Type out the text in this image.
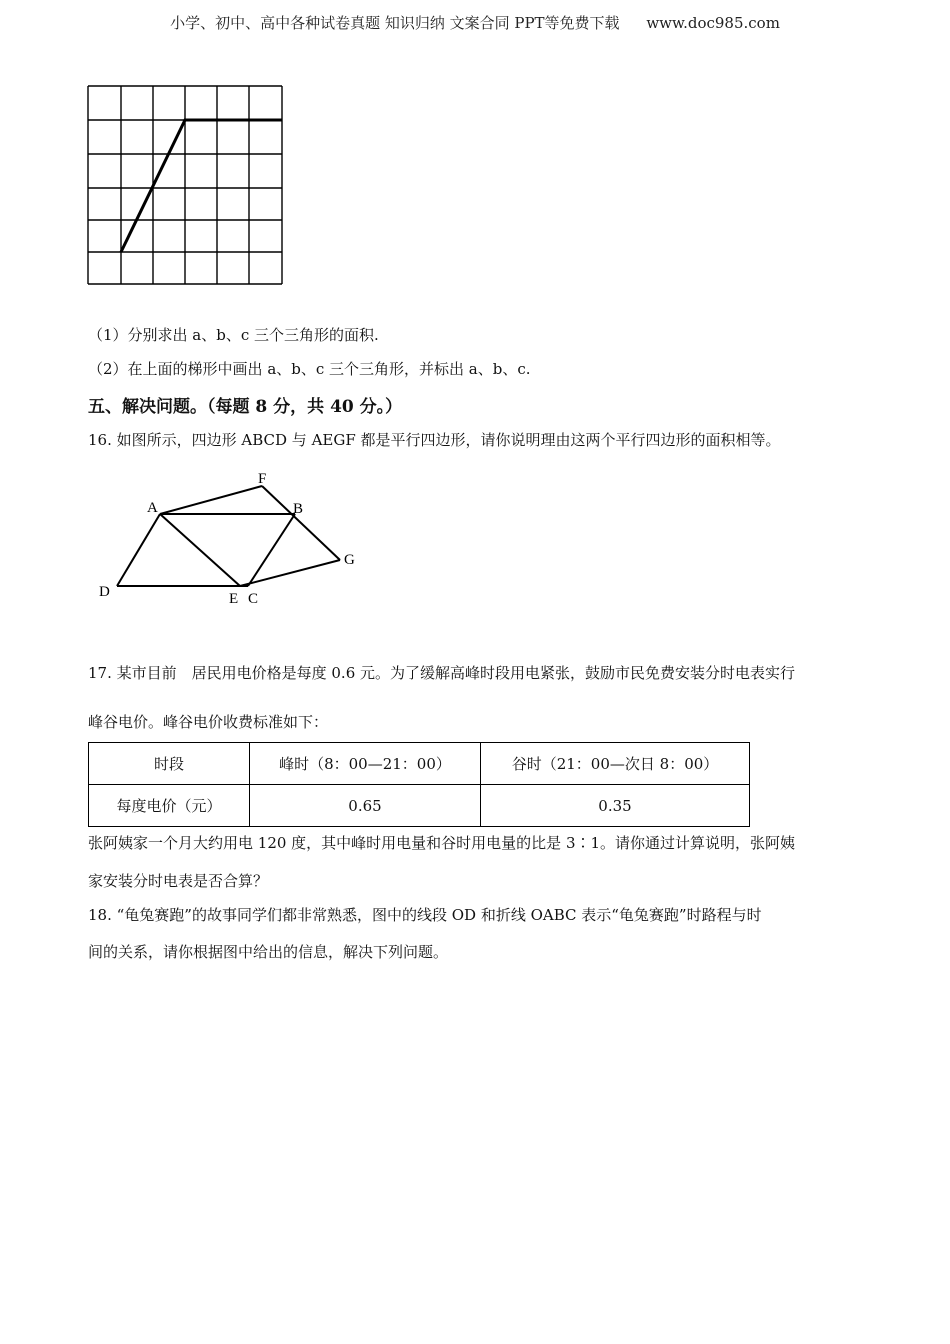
小学、初中、高中各种试卷真题 知识归纳 文案合同 PPT等免费下载 www.doc985.com
（1）分别求出 a、b、c 三个三角形的面积.
（2）在上面的梯形中画出 a、b、c 三个三角形，并标出 a、b、c.
五、解决问题。（每题 8 分，共 40 分。）
16. 如图所示，四边形 ABCD 与 AEGF 都是平行四边形，请你说明理由这两个平行四边形的面积相等。
F
A	B
G
D	E C
17. 某市目前　居民用电价格是每度 0.6 元。为了缓解高峰时段用电紧张，鼓励市民免费安装分时电表实行
峰谷电价。峰谷电价收费标准如下：
时段	峰时（8：00—21：00）	谷时（21：00—次日 8：00）
每度电价（元）	0.65	0.35
张阿姨家一个月大约用电 120 度，其中峰时用电量和谷时用电量的比是 3∶1。请你通过计算说明，张阿姨
家安装分时电表是否合算？
18. “龟兔赛跑”的故事同学们都非常熟悉，图中的线段 OD 和折线 OABC 表示“龟兔赛跑”时路程与时
间的关系，请你根据图中给出的信息，解决下列问题。
